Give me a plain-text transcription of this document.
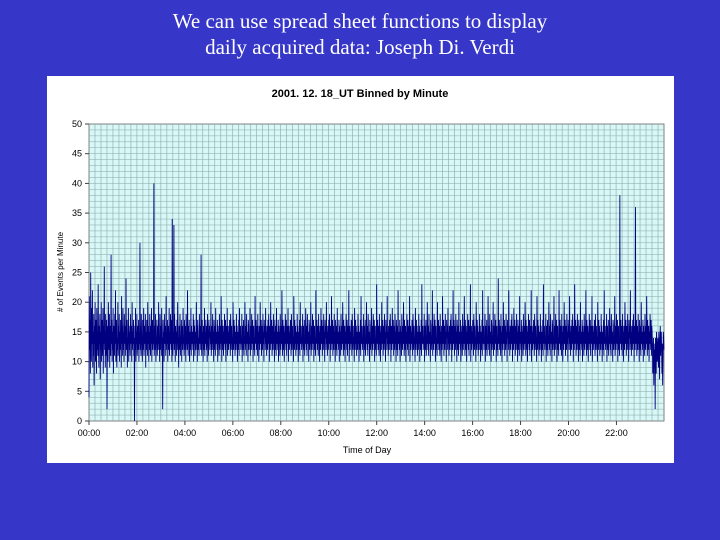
We can use spread sheet functions to display
daily acquired data: Joseph Di. Verdi
2001. 12. 18_UT Binned by Minute
0
5
10
15
20
25
30
35
40
45
50
00:00	02:00	04:00	06:00	08:00	10:00	12:00	14:00	16:00	18:00	20:00	22:00
Time of Day
# of Events per Minute
